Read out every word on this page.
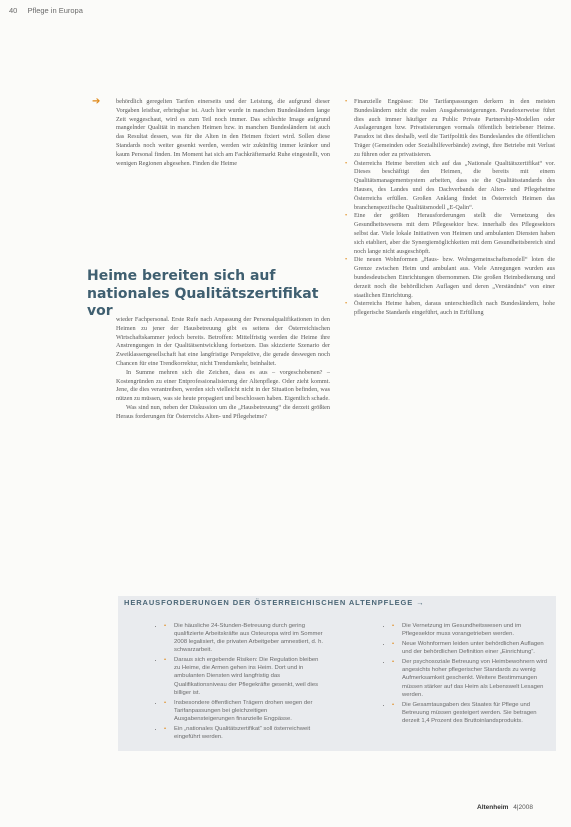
40 Pflege in Europa
➔	behördlich geregelten Tarifen einerseits und der Leistung, die aufgrund dieser Vorgaben leistbar, erbringbar ist. Auch hier wurde in manchen Bundesländern lange Zeit weggeschaut, wird es zum Teil noch immer. Das schlechte Image aufgrund mangelnder Qualität in manchen Heimen bzw. in manchen Bundesländern ist auch das Resultat dessen, was für die Alten in den Heimen fixiert wird. Sollen diese Standards noch weiter gesenkt werden, werden wir zukünftig immer kränker und kaum Personal finden. Im Moment hat sich am Fachkräftemarkt Ruhe eingestellt, von wenigen Regionen abgesehen. Finden die Heime

Heime bereiten sich auf nationales Qualitätszertifikat vor

wieder Fachpersonal. Erste Rufe nach Anpassung der Personalqualifikationen in den Heimen zu jener der Hausbetreuung gibt es seitens der Österreichischen Wirtschaftskammer jedoch bereits. Betroffen: Mittelfristig werden die Heime ihre Anstrengungen in der Qualitätsentwicklung fortsetzen. Das skizzierte Szenario der Zweiklassengesellschaft hat eine langfristige Perspektive, die gerade deswegen noch Chancen für eine Trendkorrektur, nicht Trendumkehr, beinhaltet.

In Summe mehren sich die Zeichen, dass es aus – vorgeschobenen? – Kostengründen zu einer Entprofessionalisierung der Altenpflege. Oder zieht kommt. Jene, die dies verantreiben, werden sich vielleicht nicht in der Situation befinden, was nützen zu müssen, was sie heute propagiert und beschlossen haben. Eigentlich schade.

Was sind nun, neben der Diskussion um die „Hausbetreuung“ die derzeit größten Heraus forderungen für Österreichs Alten- und Pflegeheime?

• Finanzielle Engpässe: Die Tarifanpassungen derkern in den meisten Bundesländern nicht die realen Ausgabensteigerungen. Paradoxerweise führt dies auch immer häufiger zu Public Private Partnership-Modellen oder Auslagerungen bzw. Privatisierungen vormals öffentlich betriebener Heime. Paradox ist dies deshalb, weil die Tarifpolitik des Bundeslandes die öffentlichen Träger (Gemeinden oder Sozialhilfeverbände) zwingt, ihre Betriebe mit Verlust zu führen oder zu privatisieren.
• Österreichs Heime bereiten sich auf das „Nationale Qualitätszertifikat“ vor. Dieses beschäftigt den Heimen, die bereits mit einem Qualitätsmanagementsystem arbeiten, dass sie die Qualitätsstandards des Hauses, des Landes und des Dachverbands der Alten- und Pflegeheime Österreichs erfüllen. Großen Anklang findet in Österreich Heimen das branchenspezifische Qualitätsmodell „E-Qalin“.
• Eine der größten Herausforderungen stellt die Vernetzung des Gesundheitswesens mit dem Pflegesektor bzw. innerhalb des Pflegesektors selbst dar. Viele lokale Initiativen von Heimen und ambulanten Diensten haben sich etabliert, aber die Synergiemöglichkeiten mit dem Gesundheitsbereich sind noch lange nicht ausgeschöpft.
• Die neuen Wohnformen „Haus- bzw. Wohngemeinschaftsmodell“ loten die Grenze zwischen Heim und ambulant aus. Viele Anregungen wurden aus bundesdeutschen Einrichtungen übernommen. Die großen Heimbedienung und derzeit noch die behördlichen Auflagen und deren „Verständnis“ von einer staatlichen Einrichtung.
• Österreichs Heime haben, daraus unterschiedlich nach Bundesländern, hohe pflegerische Standards eingeführt, auch in Erfüllung
HERAUSFORDERUNGEN DER ÖSTERREICHISCHEN ALTENPFLEGE →
• • Die häusliche 24-Stunden-Betreuung durch gering qualifizierte Arbeitskräfte aus Osteuropa wird im Sommer 2008 legalisiert, die privaten Arbeitgeber amnestiert, d. h. schwarzarbeit.
• • Daraus sich ergebende Risiken: Die Regulation bleiben zu Heime, die Armen gehen ins Heim. Dort und in ambulanten Diensten wird langfristig das Qualifikationsniveau der Pflegekräfte gesenkt, weil dies billiger ist.
• • Insbesondere öffentlichen Trägern drohen wegen der Tarifanpassungen bei gleichzeitigen Ausgabensteigerungen finanzielle Engpässe.
• • Ein „nationales Qualitätszertifikat“ soll österreichweit eingeführt werden.
• • Die Vernetzung im Gesundheitswesen und im Pflegesektor muss vorangetrieben werden.
• • Neue Wohnformen leiden unter behördlichen Auflagen und der behördlichen Definition einer „Einrichtung“.
• • Der psychosoziale Betreuung von Heimbewohnern wird angesichts hoher pflegerischer Standards zu wenig Aufmerksamkeit geschenkt. Weitere Bestimmungen müssen stärker auf das Heim als Lebenswelt Lesagen werden.
• • Die Gesamtausgaben des Staates für Pflege und Betreuung müssen gesteigert werden. Sie betragen derzeit 1,4 Prozent des Bruttoinlandsprodukts.
Altenheim 4|2008
